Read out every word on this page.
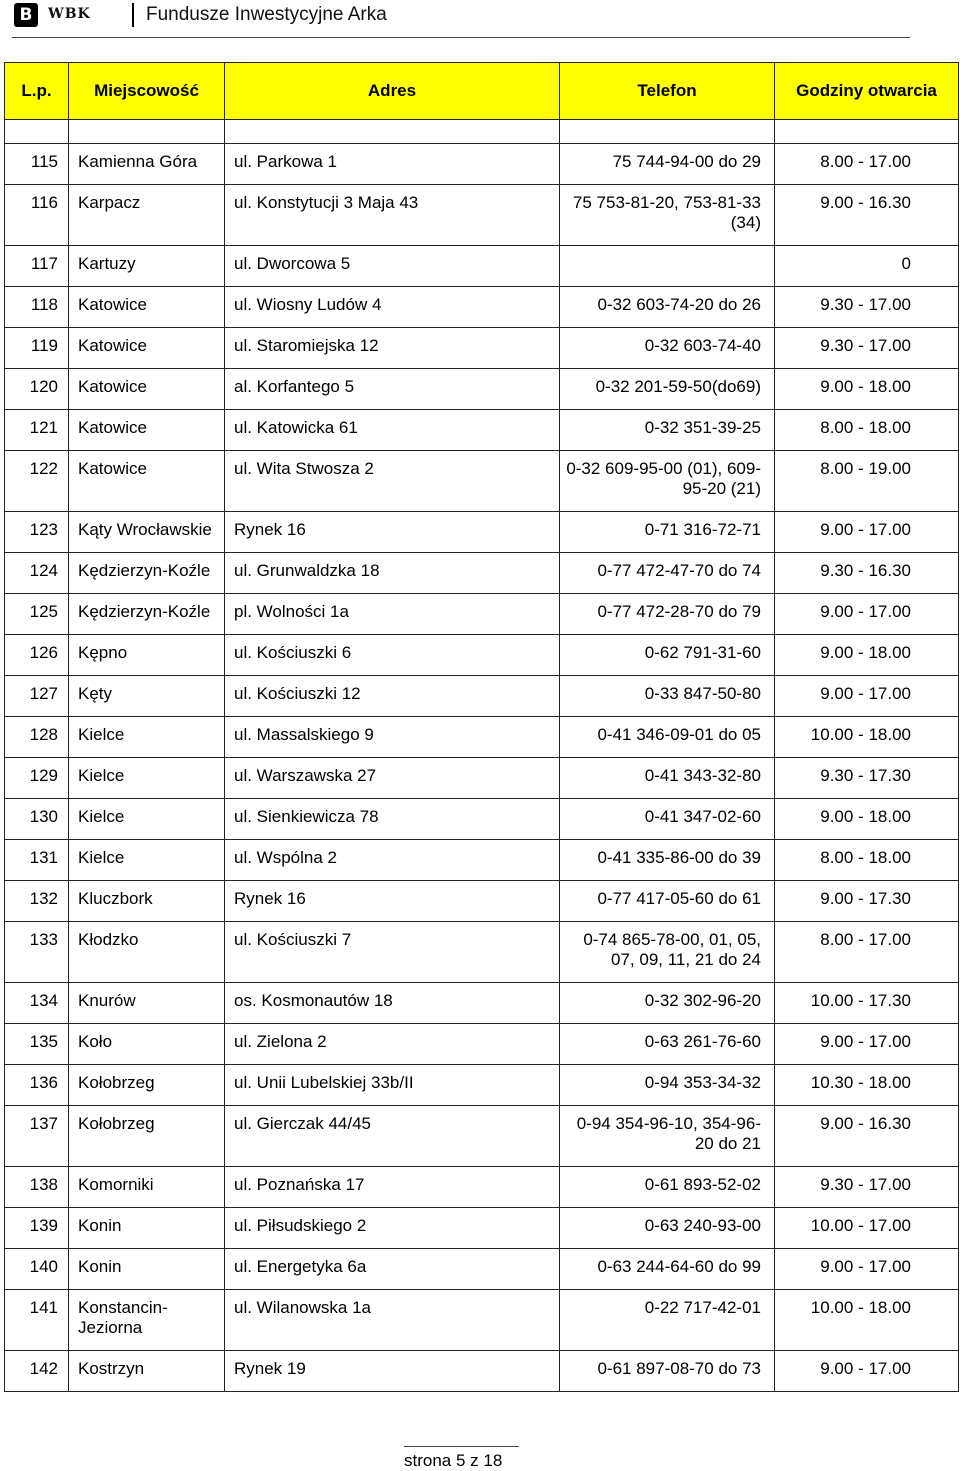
B	WBK	Fundusze Inwestycyjne Arka
L.p.	Miejscowość	Adres	Telefon	Godziny otwarcia

115	Kamienna Góra	ul. Parkowa 1	75 744-94-00 do 29	8.00 - 17.00
116	Karpacz	ul. Konstytucji 3 Maja 43	75 753-81-20, 753-81-33 (34)	9.00 - 16.30
117	Kartuzy	ul. Dworcowa 5		0
118	Katowice	ul. Wiosny Ludów 4	0-32 603-74-20 do 26	9.30 - 17.00
119	Katowice	ul. Staromiejska 12	0-32 603-74-40	9.30 - 17.00
120	Katowice	al. Korfantego 5	0-32 201-59-50(do69)	9.00 - 18.00
121	Katowice	ul. Katowicka 61	0-32 351-39-25	8.00 - 18.00
122	Katowice	ul. Wita Stwosza 2	0-32 609-95-00 (01), 609-95-20 (21)	8.00 - 19.00
123	Kąty Wrocławskie	Rynek 16	0-71 316-72-71	9.00 - 17.00
124	Kędzierzyn-Koźle	ul. Grunwaldzka 18	0-77 472-47-70 do 74	9.30 - 16.30
125	Kędzierzyn-Koźle	pl. Wolności 1a	0-77 472-28-70 do 79	9.00 - 17.00
126	Kępno	ul. Kościuszki 6	0-62 791-31-60	9.00 - 18.00
127	Kęty	ul. Kościuszki 12	0-33 847-50-80	9.00 - 17.00
128	Kielce	ul. Massalskiego 9	0-41 346-09-01 do 05	10.00 - 18.00
129	Kielce	ul. Warszawska 27	0-41 343-32-80	9.30 - 17.30
130	Kielce	ul. Sienkiewicza 78	0-41 347-02-60	9.00 - 18.00
131	Kielce	ul. Wspólna 2	0-41 335-86-00 do 39	8.00 - 18.00
132	Kluczbork	Rynek 16	0-77 417-05-60 do 61	9.00 - 17.30
133	Kłodzko	ul. Kościuszki 7	0-74 865-78-00, 01, 05, 07, 09, 11, 21 do 24	8.00 - 17.00
134	Knurów	os. Kosmonautów 18	0-32 302-96-20	10.00 - 17.30
135	Koło	ul. Zielona 2	0-63 261-76-60	9.00 - 17.00
136	Kołobrzeg	ul. Unii Lubelskiej 33b/II	0-94 353-34-32	10.30 - 18.00
137	Kołobrzeg	ul. Gierczak 44/45	0-94 354-96-10, 354-96-20 do 21	9.00 - 16.30
138	Komorniki	ul. Poznańska 17	0-61 893-52-02	9.30 - 17.00
139	Konin	ul. Piłsudskiego 2	0-63 240-93-00	10.00 - 17.00
140	Konin	ul. Energetyka 6a	0-63 244-64-60 do 99	9.00 - 17.00
141	Konstancin-Jeziorna	ul. Wilanowska 1a	0-22 717-42-01	10.00 - 18.00
142	Kostrzyn	Rynek 19	0-61 897-08-70 do 73	9.00 - 17.00
strona 5 z 18
